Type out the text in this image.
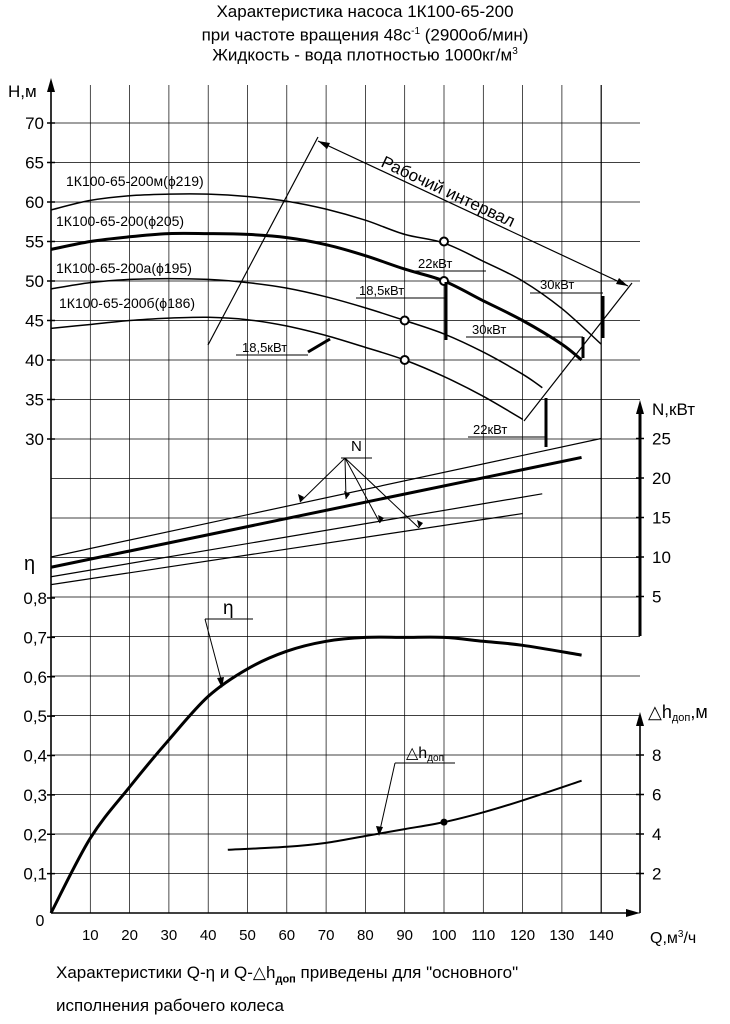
Характеристика насоса 1К100-65-200
при частоте вращения $48с^{-1}$ (2900об/мин)
Жидкость - вода плотностью $1000кг/м^3$
10 20 30 40 50 60 70 80 90 100 110 120 130 140
0
$Q,м^3/ч$
30
35
40
45
50
55
60
65
70
Н,м
5
10
15
20
25
N,кВт
0,1
0,2
0,3
0,4
0,5
0,6
0,7
0,8
η
2
4
6
8
△hдоп,м
1К100-65-200м(ϕ219)
1К100-65-200(ϕ205)
1К100-65-200а(ϕ195)
1К100-65-200б(ϕ186)
N
η
△hдоп
Рабочий интервал
22кВт
18,5кВт	30кВт
30кВт
18,5кВт
22кВт
Характеристики Q-η и $Q-\triangle h_{доп}$ приведены для "основного"
исполнения рабочего колеса
